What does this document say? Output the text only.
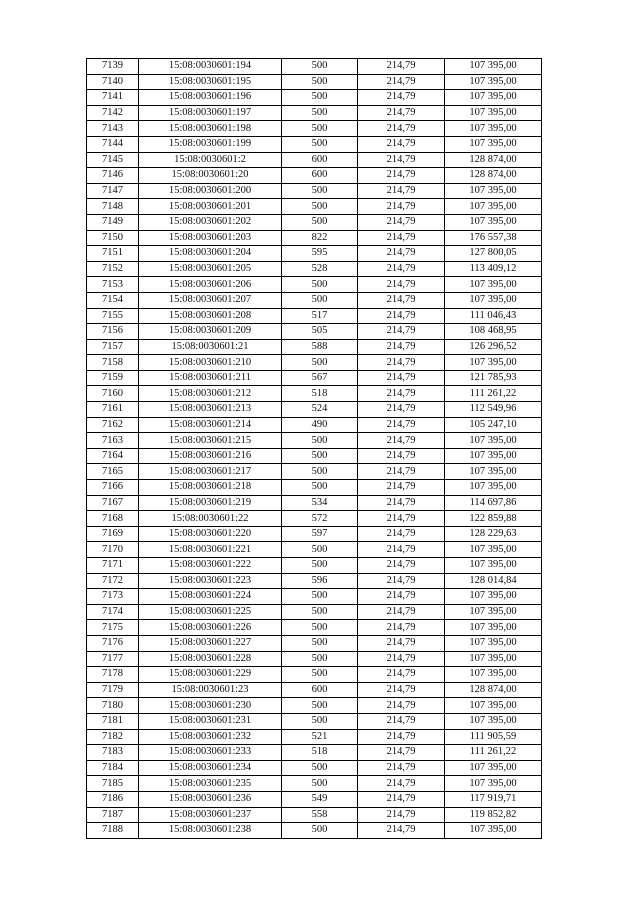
7139	15:08:0030601:194	500	214,79	107 395,00
7140	15:08:0030601:195	500	214,79	107 395,00
7141	15:08:0030601:196	500	214,79	107 395,00
7142	15:08:0030601:197	500	214,79	107 395,00
7143	15:08:0030601:198	500	214,79	107 395,00
7144	15:08:0030601:199	500	214,79	107 395,00
7145	15:08:0030601:2	600	214,79	128 874,00
7146	15:08:0030601:20	600	214,79	128 874,00
7147	15:08:0030601:200	500	214,79	107 395,00
7148	15:08:0030601:201	500	214,79	107 395,00
7149	15:08:0030601:202	500	214,79	107 395,00
7150	15:08:0030601:203	822	214,79	176 557,38
7151	15:08:0030601:204	595	214,79	127 800,05
7152	15:08:0030601:205	528	214,79	113 409,12
7153	15:08:0030601:206	500	214,79	107 395,00
7154	15:08:0030601:207	500	214,79	107 395,00
7155	15:08:0030601:208	517	214,79	111 046,43
7156	15:08:0030601:209	505	214,79	108 468,95
7157	15:08:0030601:21	588	214,79	126 296,52
7158	15:08:0030601:210	500	214,79	107 395,00
7159	15:08:0030601:211	567	214,79	121 785,93
7160	15:08:0030601:212	518	214,79	111 261,22
7161	15:08:0030601:213	524	214,79	112 549,96
7162	15:08:0030601:214	490	214,79	105 247,10
7163	15:08:0030601:215	500	214,79	107 395,00
7164	15:08:0030601:216	500	214,79	107 395,00
7165	15:08:0030601:217	500	214,79	107 395,00
7166	15:08:0030601:218	500	214,79	107 395,00
7167	15:08:0030601:219	534	214,79	114 697,86
7168	15:08:0030601:22	572	214,79	122 859,88
7169	15:08:0030601:220	597	214,79	128 229,63
7170	15:08:0030601:221	500	214,79	107 395,00
7171	15:08:0030601:222	500	214,79	107 395,00
7172	15:08:0030601:223	596	214,79	128 014,84
7173	15:08:0030601:224	500	214,79	107 395,00
7174	15:08:0030601:225	500	214,79	107 395,00
7175	15:08:0030601:226	500	214,79	107 395,00
7176	15:08:0030601:227	500	214,79	107 395,00
7177	15:08:0030601:228	500	214,79	107 395,00
7178	15:08:0030601:229	500	214,79	107 395,00
7179	15:08:0030601:23	600	214,79	128 874,00
7180	15:08:0030601:230	500	214,79	107 395,00
7181	15:08:0030601:231	500	214,79	107 395,00
7182	15:08:0030601:232	521	214,79	111 905,59
7183	15:08:0030601:233	518	214,79	111 261,22
7184	15:08:0030601:234	500	214,79	107 395,00
7185	15:08:0030601:235	500	214,79	107 395,00
7186	15:08:0030601:236	549	214,79	117 919,71
7187	15:08:0030601:237	558	214,79	119 852,82
7188	15:08:0030601:238	500	214,79	107 395,00
